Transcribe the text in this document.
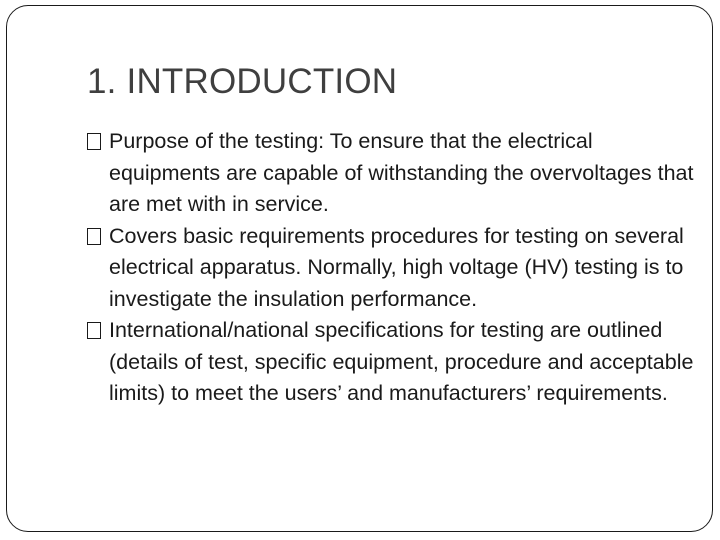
1. INTRODUCTION
Purpose of the testing: To ensure that the electrical equipments are capable of withstanding the overvoltages that are met with in service.
Covers basic requirements procedures for testing on several electrical apparatus. Normally, high voltage (HV) testing is to investigate the insulation performance.
International/national specifications for testing are outlined (details of test, specific equipment, procedure and acceptable limits) to meet the users’ and manufacturers’ requirements.
